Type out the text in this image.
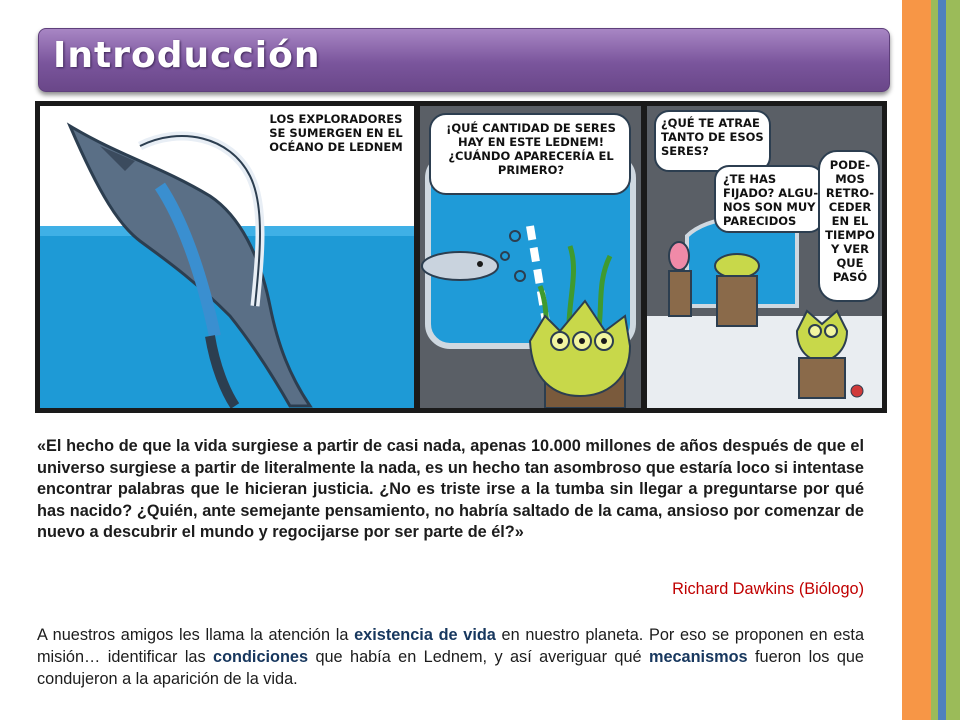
Introducción
LOS EXPLORADORES SE SUMERGEN EN EL OCÉANO DE LEDNEM
¡QUÉ CANTIDAD DE SERES HAY EN ESTE LEDNEM! ¿CUÁNDO APARECERÍA EL PRIMERO?
¿QUÉ TE ATRAE TANTO DE ESOS SERES?
¿TE HAS FIJADO? ALGU-NOS SON MUY PARECIDOS
PODE-MOS RETRO-CEDER EN EL TIEMPO Y VER QUE PASÓ
«El hecho de que la vida surgiese a partir de casi nada, apenas 10.000 millones de años después de que el universo surgiese a partir de literalmente la nada, es un hecho tan asombroso que estaría loco si intentase encontrar palabras que le hicieran justicia. ¿No es triste irse a la tumba sin llegar a preguntarse por qué has nacido? ¿Quién, ante semejante pensamiento, no habría saltado de la cama, ansioso por comenzar de nuevo a descubrir el mundo y regocijarse por ser parte de él?»
Richard Dawkins (Biólogo)
A nuestros amigos les llama la atención la existencia de vida en nuestro planeta. Por eso se proponen en esta misión… identificar las condiciones que había en Lednem, y así averiguar qué mecanismos fueron los que condujeron a la aparición de la vida.
